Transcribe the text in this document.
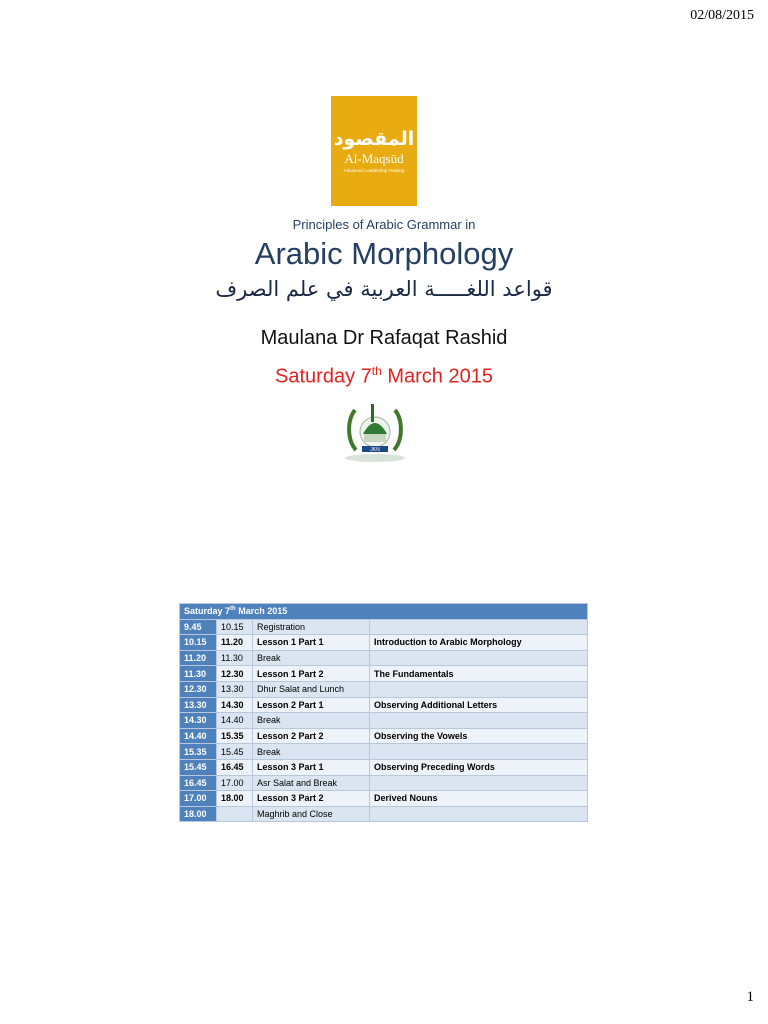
02/08/2015
المقصود
Al-Maqsūd
Advanced Leadership Training
Principles of Arabic Grammar in
Arabic Morphology
قواعد اللغـــــة العربية في علم الصرف
Maulana Dr Rafaqat Rashid
Saturday 7th March 2015
JKN
Saturday 7th March 2015			
9.45	10.15	Registration	
10.15	11.20	Lesson 1 Part 1	Introduction to Arabic Morphology
11.20	11.30	Break	
11.30	12.30	Lesson 1 Part 2	The Fundamentals
12.30	13.30	Dhur Salat and Lunch	
13.30	14.30	Lesson 2 Part 1	Observing Additional Letters
14.30	14.40	Break	
14.40	15.35	Lesson 2 Part 2	Observing the Vowels
15.35	15.45	Break	
15.45	16.45	Lesson 3 Part 1	Observing Preceding Words
16.45	17.00	Asr Salat and Break	
17.00	18.00	Lesson 3 Part 2	Derived Nouns
18.00		Maghrib and Close	
1
